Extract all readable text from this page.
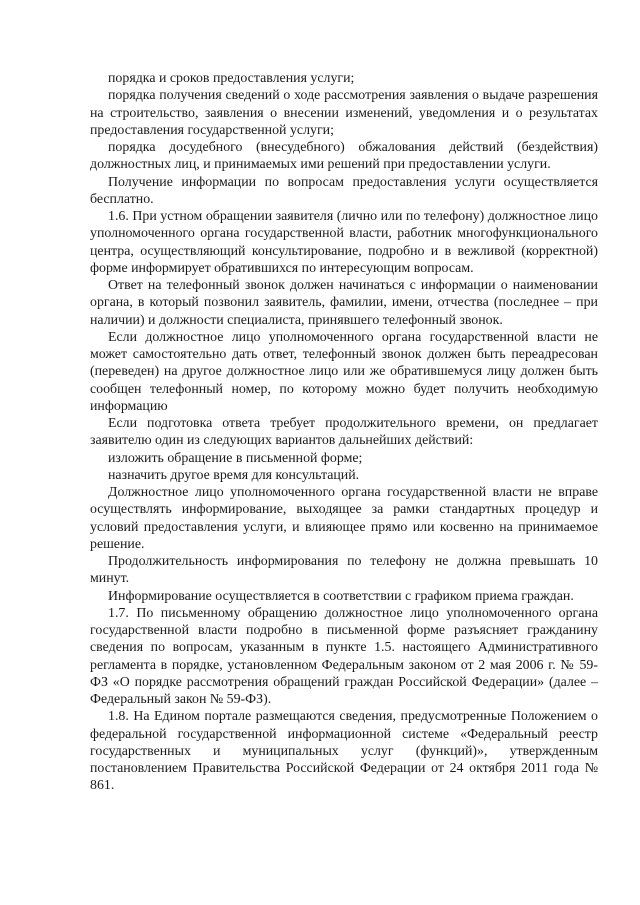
порядка и сроков предоставления услуги;

порядка получения сведений о ходе рассмотрения заявления о выдаче разрешения на строительство, заявления о внесении изменений, уведомления и о результатах предоставления государственной услуги;

порядка досудебного (внесудебного) обжалования действий (бездействия) должностных лиц, и принимаемых ими решений при предоставлении услуги.

Получение информации по вопросам предоставления услуги осуществляется бесплатно.

1.6. При устном обращении заявителя (лично или по телефону) должностное лицо уполномоченного органа государственной власти, работник многофункционального центра, осуществляющий консультирование, подробно и в вежливой (корректной) форме информирует обратившихся по интересующим вопросам.

Ответ на телефонный звонок должен начинаться с информации о наименовании органа, в который позвонил заявитель, фамилии, имени, отчества (последнее – при наличии) и должности специалиста, принявшего телефонный звонок.

Если должностное лицо уполномоченного органа государственной власти не может самостоятельно дать ответ, телефонный звонок должен быть переадресован (переведен) на другое должностное лицо или же обратившемуся лицу должен быть сообщен телефонный номер, по которому можно будет получить необходимую информацию

Если подготовка ответа требует продолжительного времени, он предлагает заявителю один из следующих вариантов дальнейших действий:

изложить обращение в письменной форме;

назначить другое время для консультаций.

Должностное лицо уполномоченного органа государственной власти не вправе осуществлять информирование, выходящее за рамки стандартных процедур и условий предоставления услуги, и влияющее прямо или косвенно на принимаемое решение.

Продолжительность информирования по телефону не должна превышать 10 минут.

Информирование осуществляется в соответствии с графиком приема граждан.

1.7. По письменному обращению должностное лицо уполномоченного органа государственной власти подробно в письменной форме разъясняет гражданину сведения по вопросам, указанным в пункте 1.5. настоящего Административного регламента в порядке, установленном Федеральным законом от 2 мая 2006 г. № 59-ФЗ «О порядке рассмотрения обращений граждан Российской Федерации» (далее – Федеральный закон № 59-ФЗ).

1.8. На Едином портале размещаются сведения, предусмотренные Положением о федеральной государственной информационной системе «Федеральный реестр государственных и муниципальных услуг (функций)», утвержденным постановлением Правительства Российской Федерации от 24 октября 2011 года № 861.
